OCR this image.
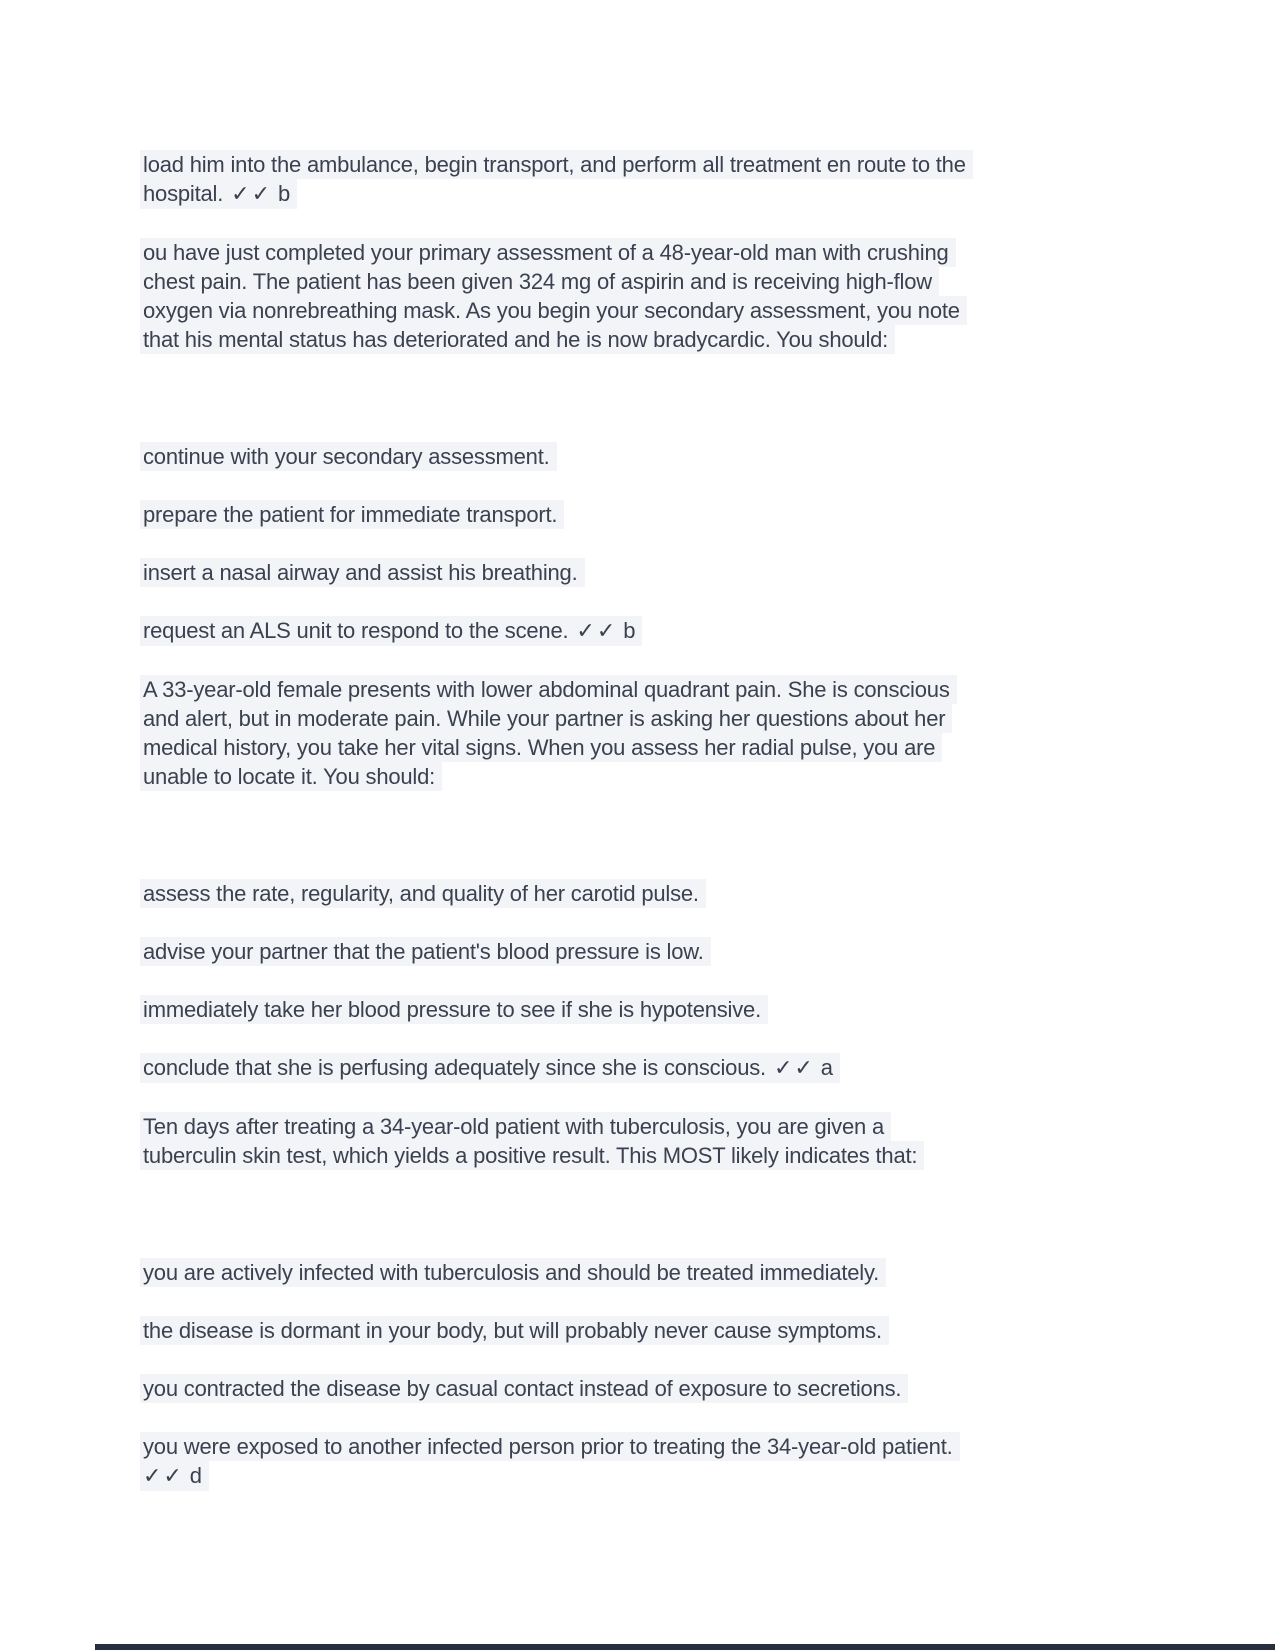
load him into the ambulance, begin transport, and perform all treatment en route to the
hospital. ✓✓ b
ou have just completed your primary assessment of a 48-year-old man with crushing
chest pain. The patient has been given 324 mg of aspirin and is receiving high-flow
oxygen via nonrebreathing mask. As you begin your secondary assessment, you note
that his mental status has deteriorated and he is now bradycardic. You should:
continue with your secondary assessment.
prepare the patient for immediate transport.
insert a nasal airway and assist his breathing.
request an ALS unit to respond to the scene. ✓✓ b
A 33-year-old female presents with lower abdominal quadrant pain. She is conscious
and alert, but in moderate pain. While your partner is asking her questions about her
medical history, you take her vital signs. When you assess her radial pulse, you are
unable to locate it. You should:
assess the rate, regularity, and quality of her carotid pulse.
advise your partner that the patient's blood pressure is low.
immediately take her blood pressure to see if she is hypotensive.
conclude that she is perfusing adequately since she is conscious. ✓✓ a
Ten days after treating a 34-year-old patient with tuberculosis, you are given a
tuberculin skin test, which yields a positive result. This MOST likely indicates that:
you are actively infected with tuberculosis and should be treated immediately.
the disease is dormant in your body, but will probably never cause symptoms.
you contracted the disease by casual contact instead of exposure to secretions.
you were exposed to another infected person prior to treating the 34-year-old patient.
✓✓ d
